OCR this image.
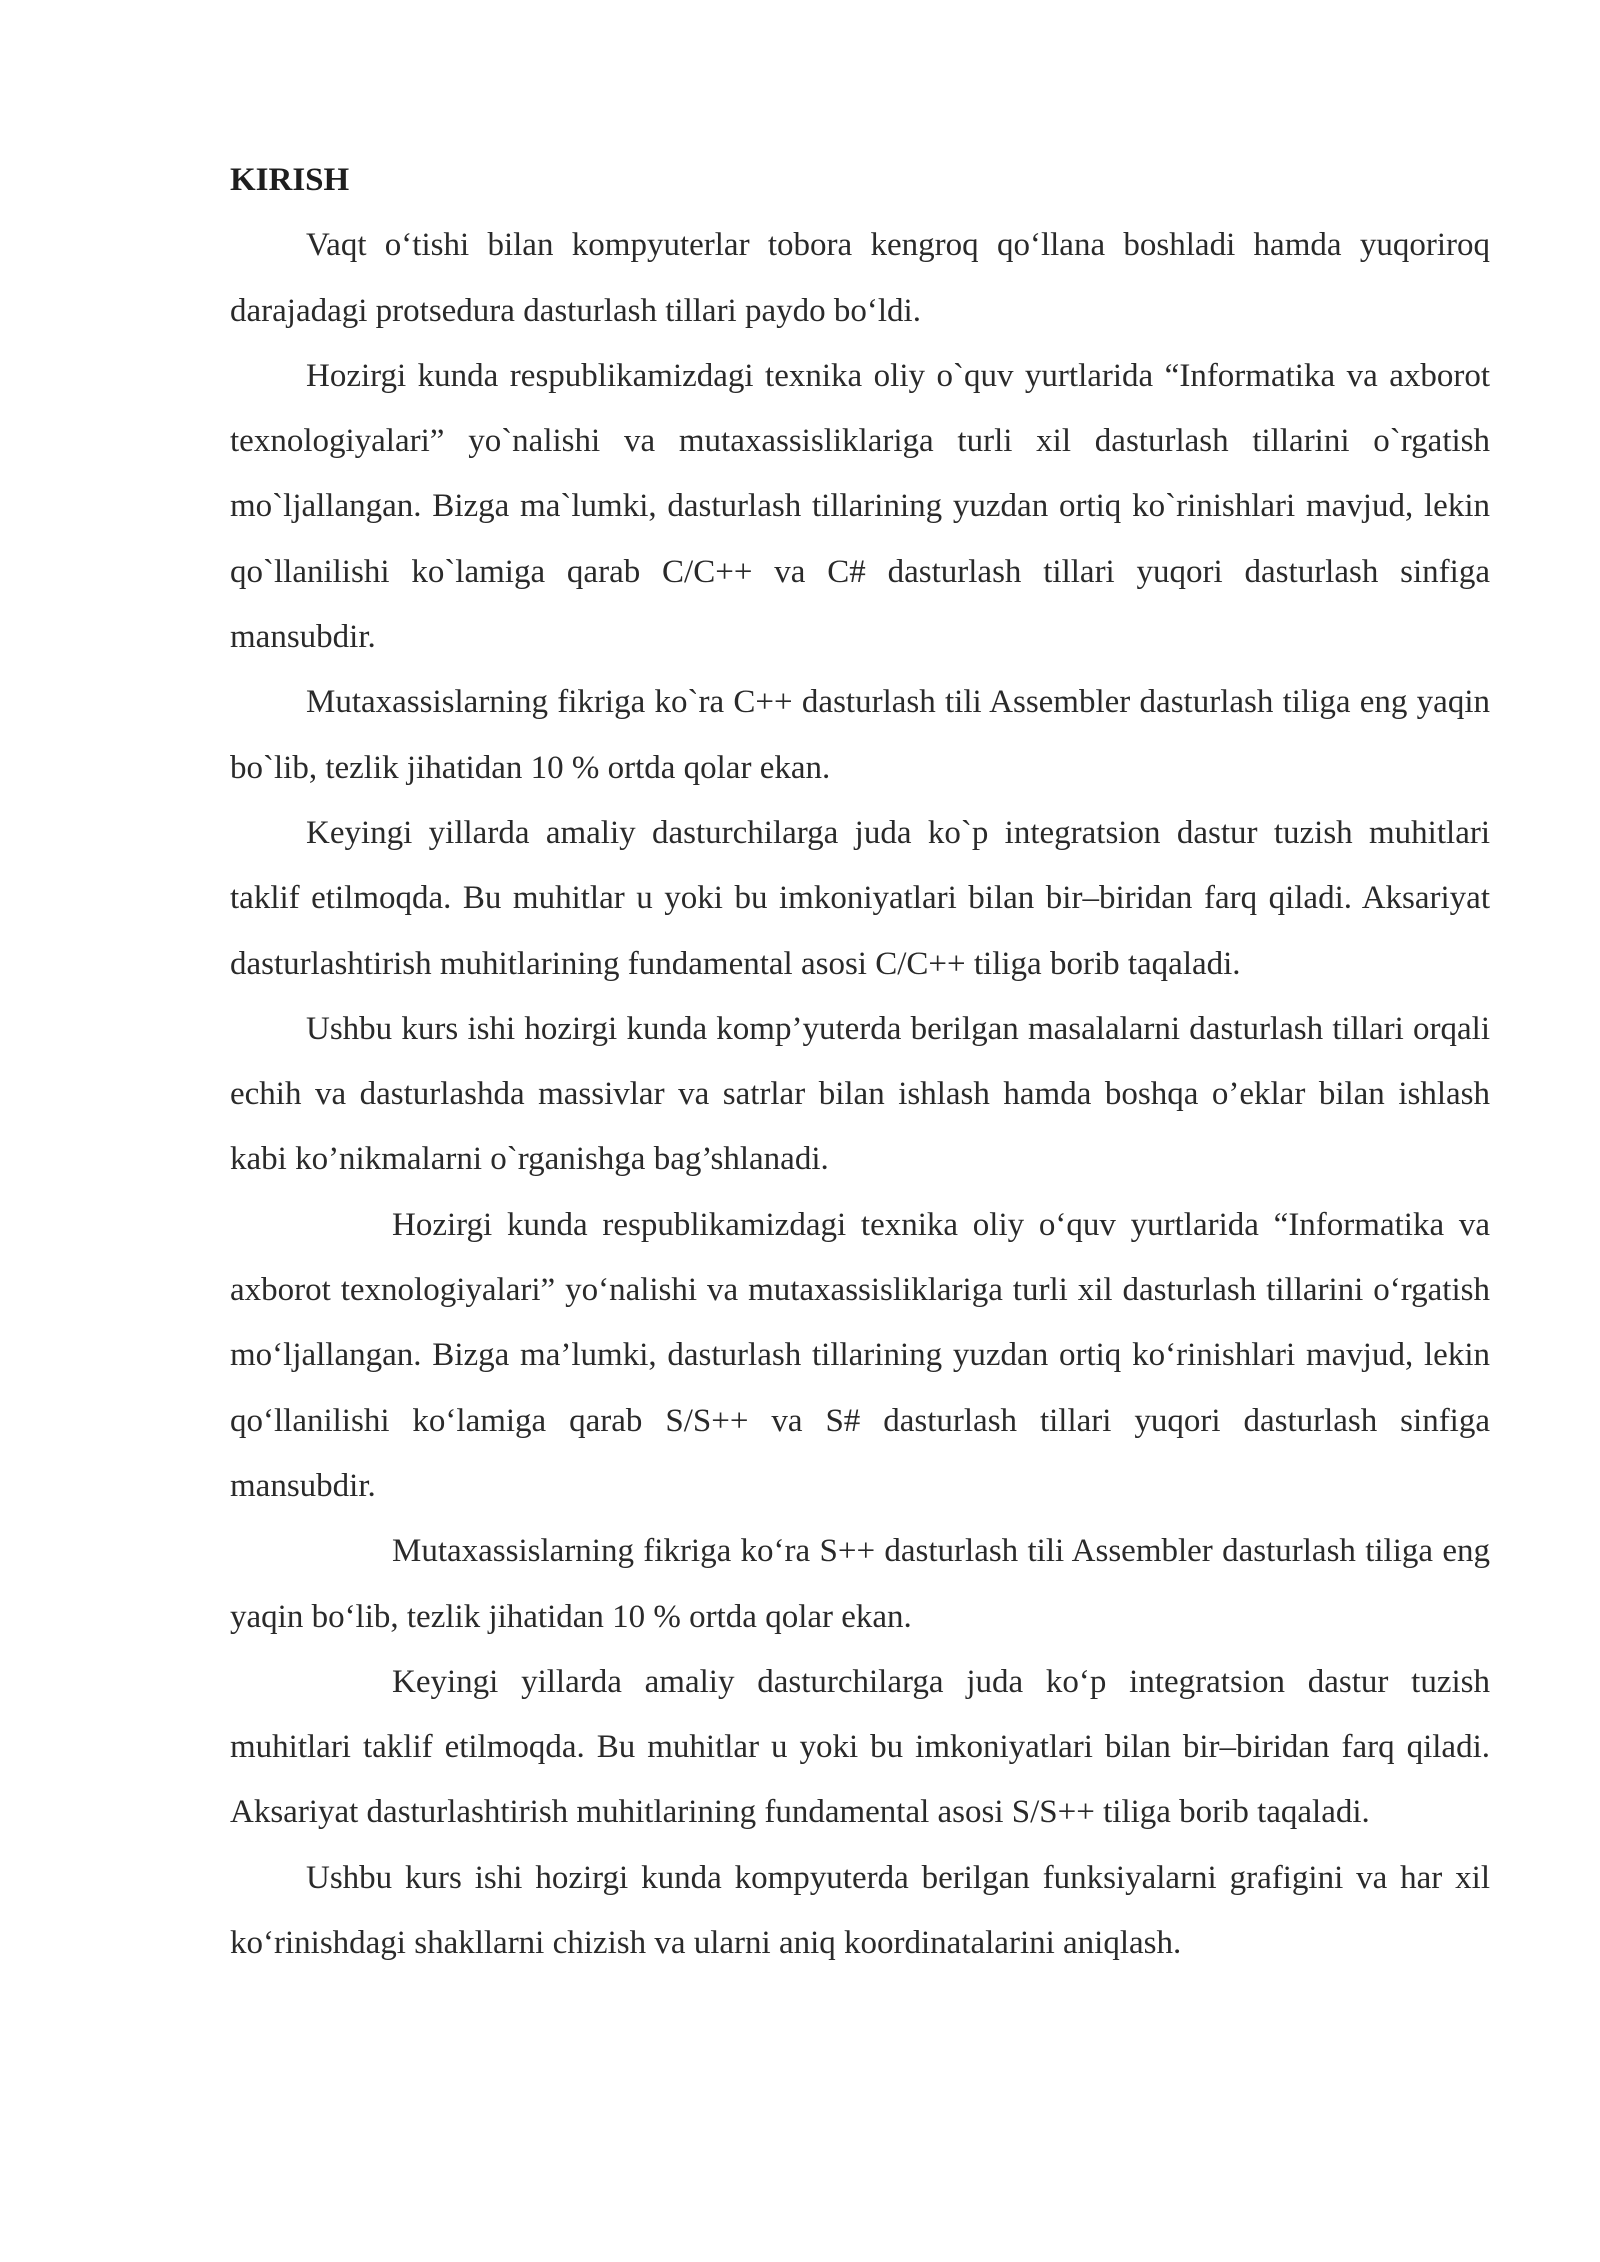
KIRISH

Vaqt o‘tishi bilan kompyuterlar tobora kengroq qo‘llana boshladi hamda yuqoriroq darajadagi protsedura dasturlash tillari paydo bo‘ldi.

Hozirgi kunda respublikamizdagi texnika oliy o`quv yurtlarida “Informatika va axborot texnologiyalari” yo`nalishi va mutaxassisliklariga turli xil dasturlash tillarini o`rgatish mo`ljallangan. Bizga ma`lumki, dasturlash tillarining yuzdan ortiq ko`rinishlari mavjud, lekin qo`llanilishi ko`lamiga qarab C/C++ va C# dasturlash tillari yuqori dasturlash sinfiga mansubdir.

Mutaxassislarning fikriga ko`ra C++ dasturlash tili Assembler dasturlash tiliga eng yaqin bo`lib, tezlik jihatidan 10 % ortda qolar ekan.

Keyingi yillarda amaliy dasturchilarga juda ko`p integratsion dastur tuzish muhitlari taklif etilmoqda. Bu muhitlar u yoki bu imkoniyatlari bilan bir–biridan farq qiladi. Aksariyat dasturlashtirish muhitlarining fundamental asosi C/C++ tiliga borib taqaladi.

Ushbu kurs ishi hozirgi kunda komp’yuterda berilgan masalalarni dasturlash tillari orqali echih va dasturlashda massivlar va satrlar bilan ishlash hamda boshqa o’eklar bilan ishlash kabi ko’nikmalarni o`rganishga bag’shlanadi.

Hozirgi kunda respublikamizdagi texnika oliy o‘quv yurtlarida “Informatika va axborot texnologiyalari” yo‘nalishi va mutaxassisliklariga turli xil dasturlash tillarini o‘rgatish mo‘ljallangan. Bizga ma’lumki, dasturlash tillarining yuzdan ortiq ko‘rinishlari mavjud, lekin qo‘llanilishi ko‘lamiga qarab S/S++ va S# dasturlash tillari yuqori dasturlash sinfiga mansubdir.

Mutaxassislarning fikriga ko‘ra S++ dasturlash tili Assembler dasturlash tiliga eng yaqin bo‘lib, tezlik jihatidan 10 % ortda qolar ekan.

Keyingi yillarda amaliy dasturchilarga juda ko‘p integratsion dastur tuzish muhitlari taklif etilmoqda. Bu muhitlar u yoki bu imkoniyatlari bilan bir–biridan farq qiladi. Aksariyat dasturlashtirish muhitlarining fundamental asosi S/S++ tiliga borib taqaladi.

Ushbu kurs ishi hozirgi kunda kompyuterda berilgan funksiyalarni grafigini va har xil ko‘rinishdagi shakllarni chizish va ularni aniq koordinatalarini aniqlash.
